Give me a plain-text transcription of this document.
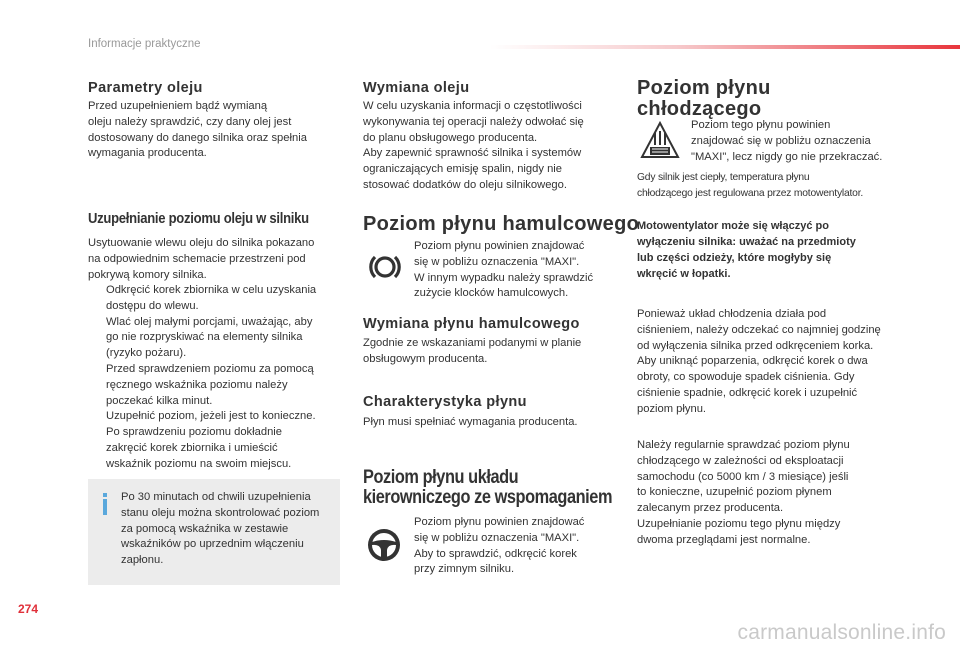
Informacje praktyczne
Parametry oleju

Przed uzupełnieniem bądź wymianą
oleju należy sprawdzić, czy dany olej jest
dostosowany do danego silnika oraz spełnia
wymagania producenta.

Uzupełnianie poziomu oleju w silniku

Usytuowanie wlewu oleju do silnika pokazano
na odpowiednim schemacie przestrzeni pod
pokrywą komory silnika.

Odkręcić korek zbiornika w celu uzyskania
dostępu do wlewu.
Wlać olej małymi porcjami, uważając, aby
go nie rozpryskiwać na elementy silnika
(ryzyko pożaru).
Przed sprawdzeniem poziomu za pomocą
ręcznego wskaźnika poziomu należy
poczekać kilka minut.
Uzupełnić poziom, jeżeli jest to konieczne.
Po sprawdzeniu poziomu dokładnie
zakręcić korek zbiornika i umieścić
wskaźnik poziomu na swoim miejscu.

Po 30 minutach od chwili uzupełnienia
stanu oleju można skontrolować poziom
za pomocą wskaźnika w zestawie
wskaźników po uprzednim włączeniu
zapłonu.

Wymiana oleju

W celu uzyskania informacji o częstotliwości
wykonywania tej operacji należy odwołać się
do planu obsługowego producenta.
Aby zapewnić sprawność silnika i systemów
ograniczających emisję spalin, nigdy nie
stosować dodatków do oleju silnikowego.

Poziom płynu hamulcowego

Poziom płynu powinien znajdować
się w pobliżu oznaczenia "MAXI".
W innym wypadku należy sprawdzić
zużycie klocków hamulcowych.

Wymiana płynu hamulcowego

Zgodnie ze wskazaniami podanymi w planie
obsługowym producenta.

Charakterystyka płynu

Płyn musi spełniać wymagania producenta.

Poziom płynu układu
kierowniczego ze wspomaganiem

Poziom płynu powinien znajdować
się w pobliżu oznaczenia "MAXI".
Aby to sprawdzić, odkręcić korek
przy zimnym silniku.

Poziom płynu
chłodzącego

Poziom tego płynu powinien
znajdować się w pobliżu oznaczenia
"MAXI", lecz nigdy go nie przekraczać.

Gdy silnik jest ciepły, temperatura płynu
chłodzącego jest regulowana przez motowentylator.

Motowentylator może się włączyć po
wyłączeniu silnika: uważać na przedmioty
lub części odzieży, które mogłyby się
wkręcić w łopatki.

Ponieważ układ chłodzenia działa pod
ciśnieniem, należy odczekać co najmniej godzinę
od wyłączenia silnika przed odkręceniem korka.
Aby uniknąć poparzenia, odkręcić korek o dwa
obroty, co spowoduje spadek ciśnienia. Gdy
ciśnienie spadnie, odkręcić korek i uzupełnić
poziom płynu.

Należy regularnie sprawdzać poziom płynu
chłodzącego w zależności od eksploatacji
samochodu (co 5000 km / 3 miesiące) jeśli
to konieczne, uzupełnić poziom płynem
zalecanym przez producenta.
Uzupełnianie poziomu tego płynu między
dwoma przeglądami jest normalne.

274
carmanualsonline.info
